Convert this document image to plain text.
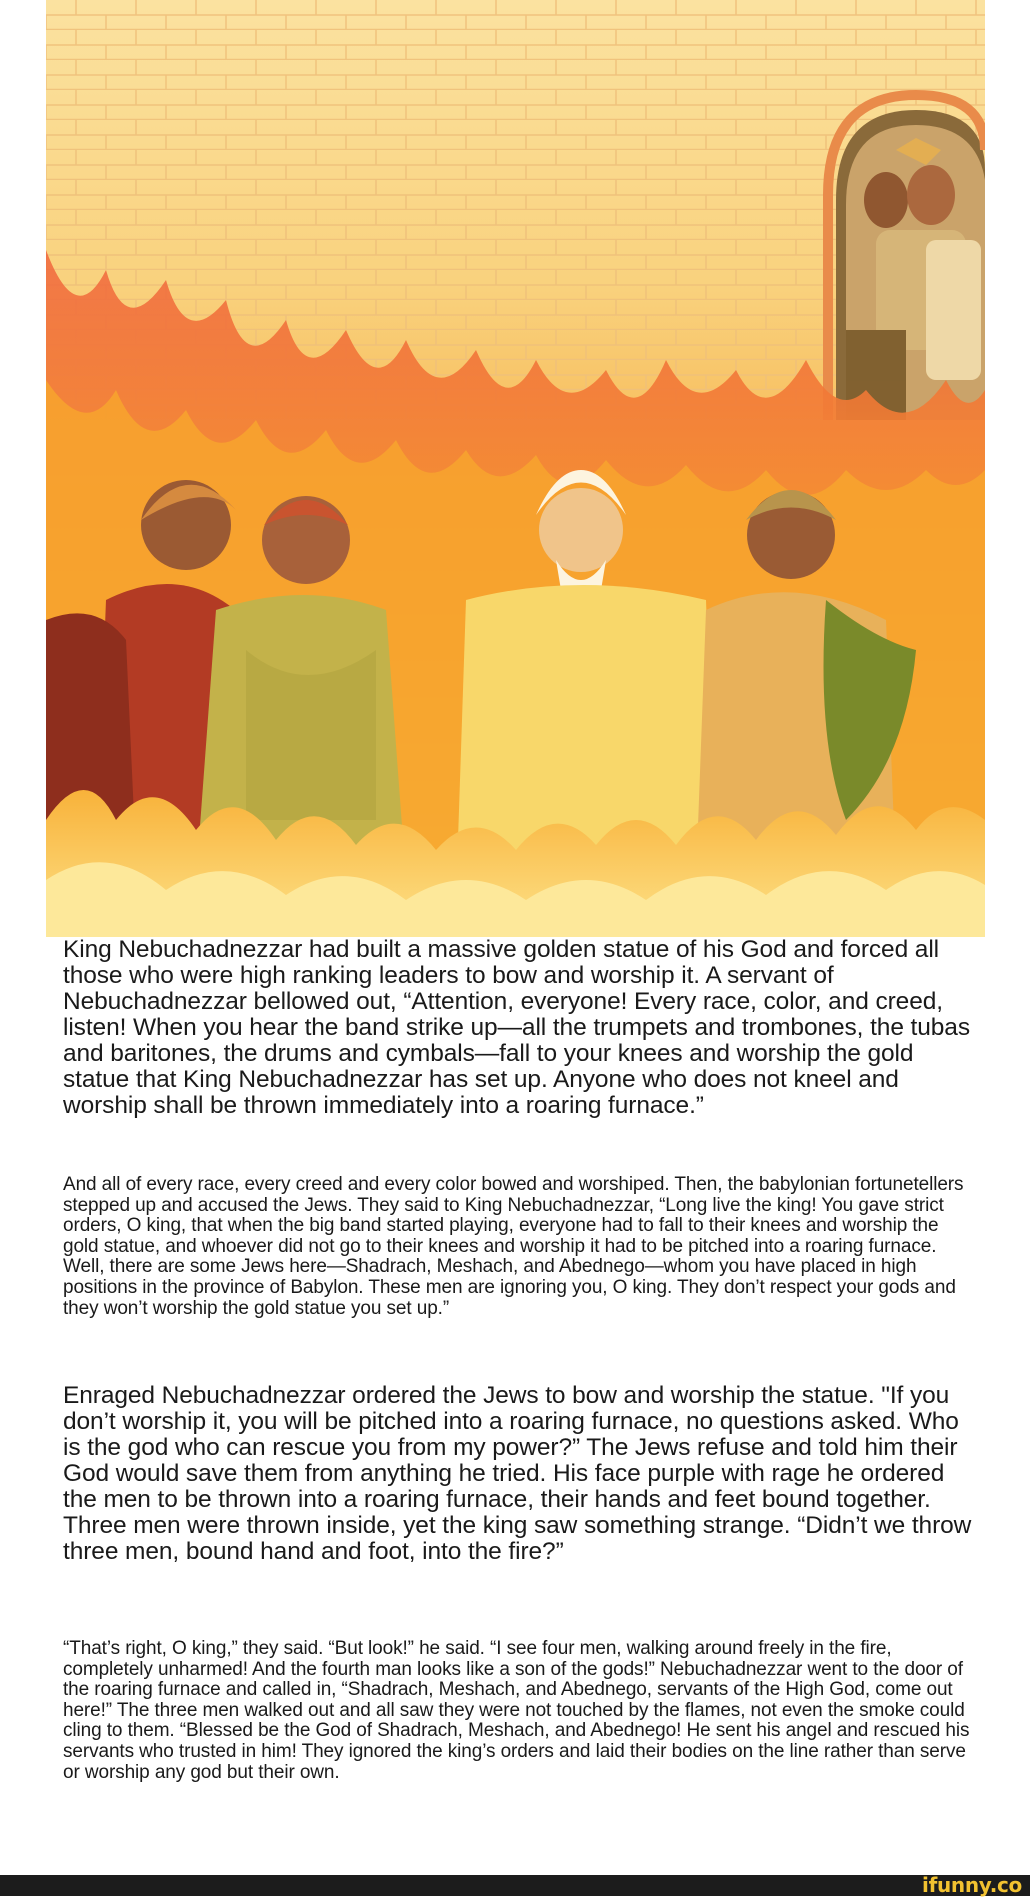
King Nebuchadnezzar had built a massive golden statue of his God and forced all those who were high ranking leaders to bow and worship it. A servant of Nebuchadnezzar bellowed out, “Attention, everyone! Every race, color, and creed, listen! When you hear the band strike up—all the trumpets and trombones, the tubas and baritones, the drums and cymbals—fall to your knees and worship the gold statue that King Nebuchadnezzar has set up. Anyone who does not kneel and worship shall be thrown immediately into a roaring furnace.”

And all of every race, every creed and every color bowed and worshiped. Then, the babylonian fortunetellers stepped up and accused the Jews. They said to King Nebuchadnezzar, “Long live the king! You gave strict orders, O king, that when the big band started playing, everyone had to fall to their knees and worship the gold statue, and whoever did not go to their knees and worship it had to be pitched into a roaring furnace. Well, there are some Jews here—Shadrach, Meshach, and Abednego—whom you have placed in high positions in the province of Babylon. These men are ignoring you, O king. They don’t respect your gods and they won’t worship the gold statue you set up.”

Enraged Nebuchadnezzar ordered the Jews to bow and worship the statue. "If you don’t worship it, you will be pitched into a roaring furnace, no questions asked. Who is the god who can rescue you from my power?” The Jews refuse and told him their God would save them from anything he tried. His face purple with rage he ordered the men to be thrown into a roaring furnace, their hands and feet bound together. Three men were thrown inside, yet the king saw something strange. “Didn’t we throw three men, bound hand and foot, into the fire?”

“That’s right, O king,” they said. “But look!” he said. “I see four men, walking around freely in the fire, completely unharmed! And the fourth man looks like a son of the gods!” Nebuchadnezzar went to the door of the roaring furnace and called in, “Shadrach, Meshach, and Abednego, servants of the High God, come out here!” The three men walked out and all saw they were not touched by the flames, not even the smoke could cling to them. “Blessed be the God of Shadrach, Meshach, and Abednego! He sent his angel and rescued his servants who trusted in him! They ignored the king’s orders and laid their bodies on the line rather than serve or worship any god but their own.

ifunny.co
